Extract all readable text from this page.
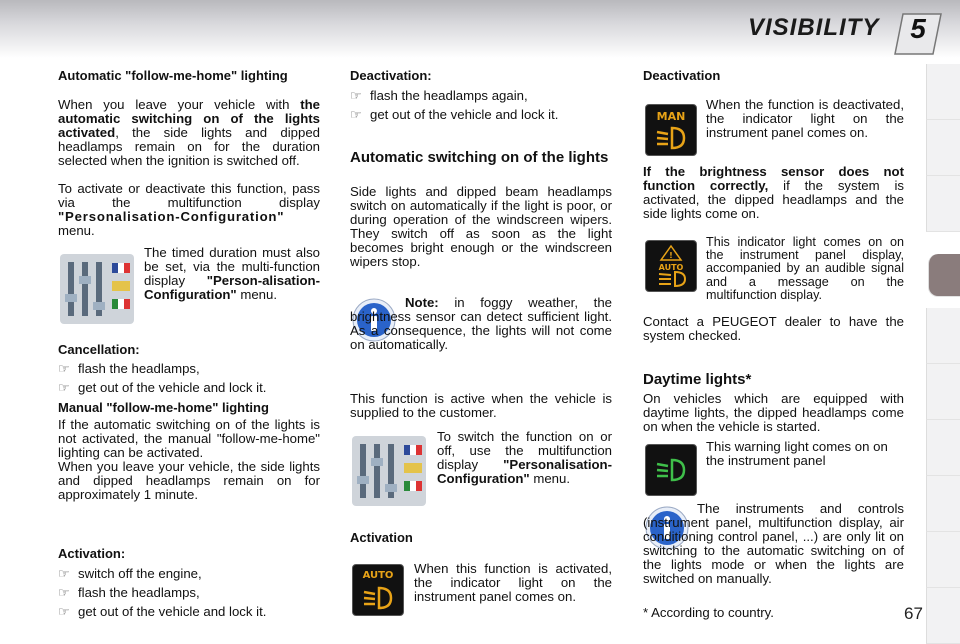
VISIBILITY	5
Automatic "follow-me-home" lighting

When you leave your vehicle with the automatic switching on of the lights activated, the side lights and dipped headlamps remain on for the duration selected when the ignition is switched off.

To activate or deactivate this function, pass via the multifunction display "Personalisation-Configuration" menu.

The timed duration must also be set, via the multi-function display "Person-alisation-Configuration" menu.

Cancellation:
☞ flash the headlamps,
☞ get out of the vehicle and lock it.
Manual "follow-me-home" lighting

If the automatic switching on of the lights is not activated, the manual "follow-me-home" lighting can be activated.

When you leave your vehicle, the side lights and dipped headlamps remain on for approximately 1 minute.

Activation:
☞ switch off the engine,
☞ flash the headlamps,
☞ get out of the vehicle and lock it.
Deactivation:
☞ flash the headlamps again,
☞ get out of the vehicle and lock it.
Automatic switching on of the lights

Side lights and dipped beam headlamps switch on automatically if the light is poor, or during operation of the windscreen wipers. They switch off as soon as the light becomes bright enough or the windscreen wipers stop.

Note: in foggy weather, the brightness sensor can detect sufficient light. As a consequence, the lights will not come on automatically.

This function is active when the vehicle is supplied to the customer.

To switch the function on or off, use the multifunction display "Personalisation-Configuration" menu.

Activation
AUTO	When this function is activated, the indicator light on the instrument panel comes on.

Deactivation
MAN

When the function is deactivated, the indicator light on the instrument panel comes on.

If the brightness sensor does not function correctly, if the system is activated, the dipped headlamps and the side lights come on.

!
AUTO

This indicator light comes on on the instrument panel display, accompanied by an audible signal and a message on the multifunction display.

Contact a PEUGEOT dealer to have the system checked.

Daytime lights*

On vehicles which are equipped with daytime lights, the dipped headlamps come on when the vehicle is started.

This warning light comes on on the instrument panel

The instruments and controls (instrument panel, multifunction display, air conditioning control panel, ...) are only lit on switching to the automatic switching on of the lights mode or when the lights are switched on manually.

* According to country.	67
